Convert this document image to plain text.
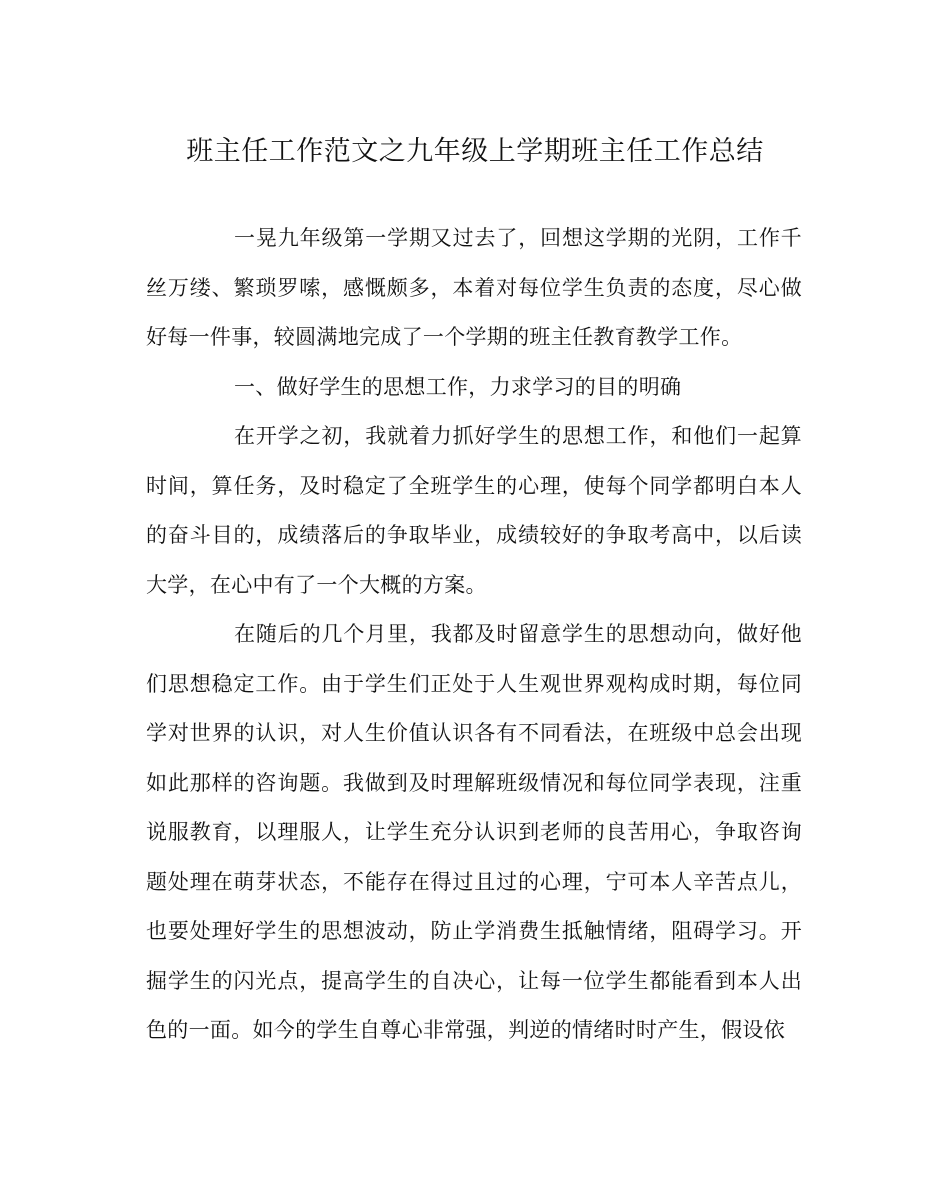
班主任工作范文之九年级上学期班主任工作总结

一晃九年级第一学期又过去了，回想这学期的光阴，工作千丝万缕、繁琐罗嗦，感慨颇多，本着对每位学生负责的态度，尽心做好每一件事，较圆满地完成了一个学期的班主任教育教学工作。

一、做好学生的思想工作，力求学习的目的明确

在开学之初，我就着力抓好学生的思想工作，和他们一起算时间，算任务，及时稳定了全班学生的心理，使每个同学都明白本人的奋斗目的，成绩落后的争取毕业，成绩较好的争取考高中，以后读大学，在心中有了一个大概的方案。

在随后的几个月里，我都及时留意学生的思想动向，做好他们思想稳定工作。由于学生们正处于人生观世界观构成时期，每位同学对世界的认识，对人生价值认识各有不同看法，在班级中总会出现如此那样的咨询题。我做到及时理解班级情况和每位同学表现，注重说服教育，以理服人，让学生充分认识到老师的良苦用心，争取咨询题处理在萌芽状态，不能存在得过且过的心理，宁可本人辛苦点儿，也要处理好学生的思想波动，防止学消费生抵触情绪，阻碍学习。开掘学生的闪光点，提高学生的自决心，让每一位学生都能看到本人出色的一面。如今的学生自尊心非常强，判逆的情绪时时产生，假设依
